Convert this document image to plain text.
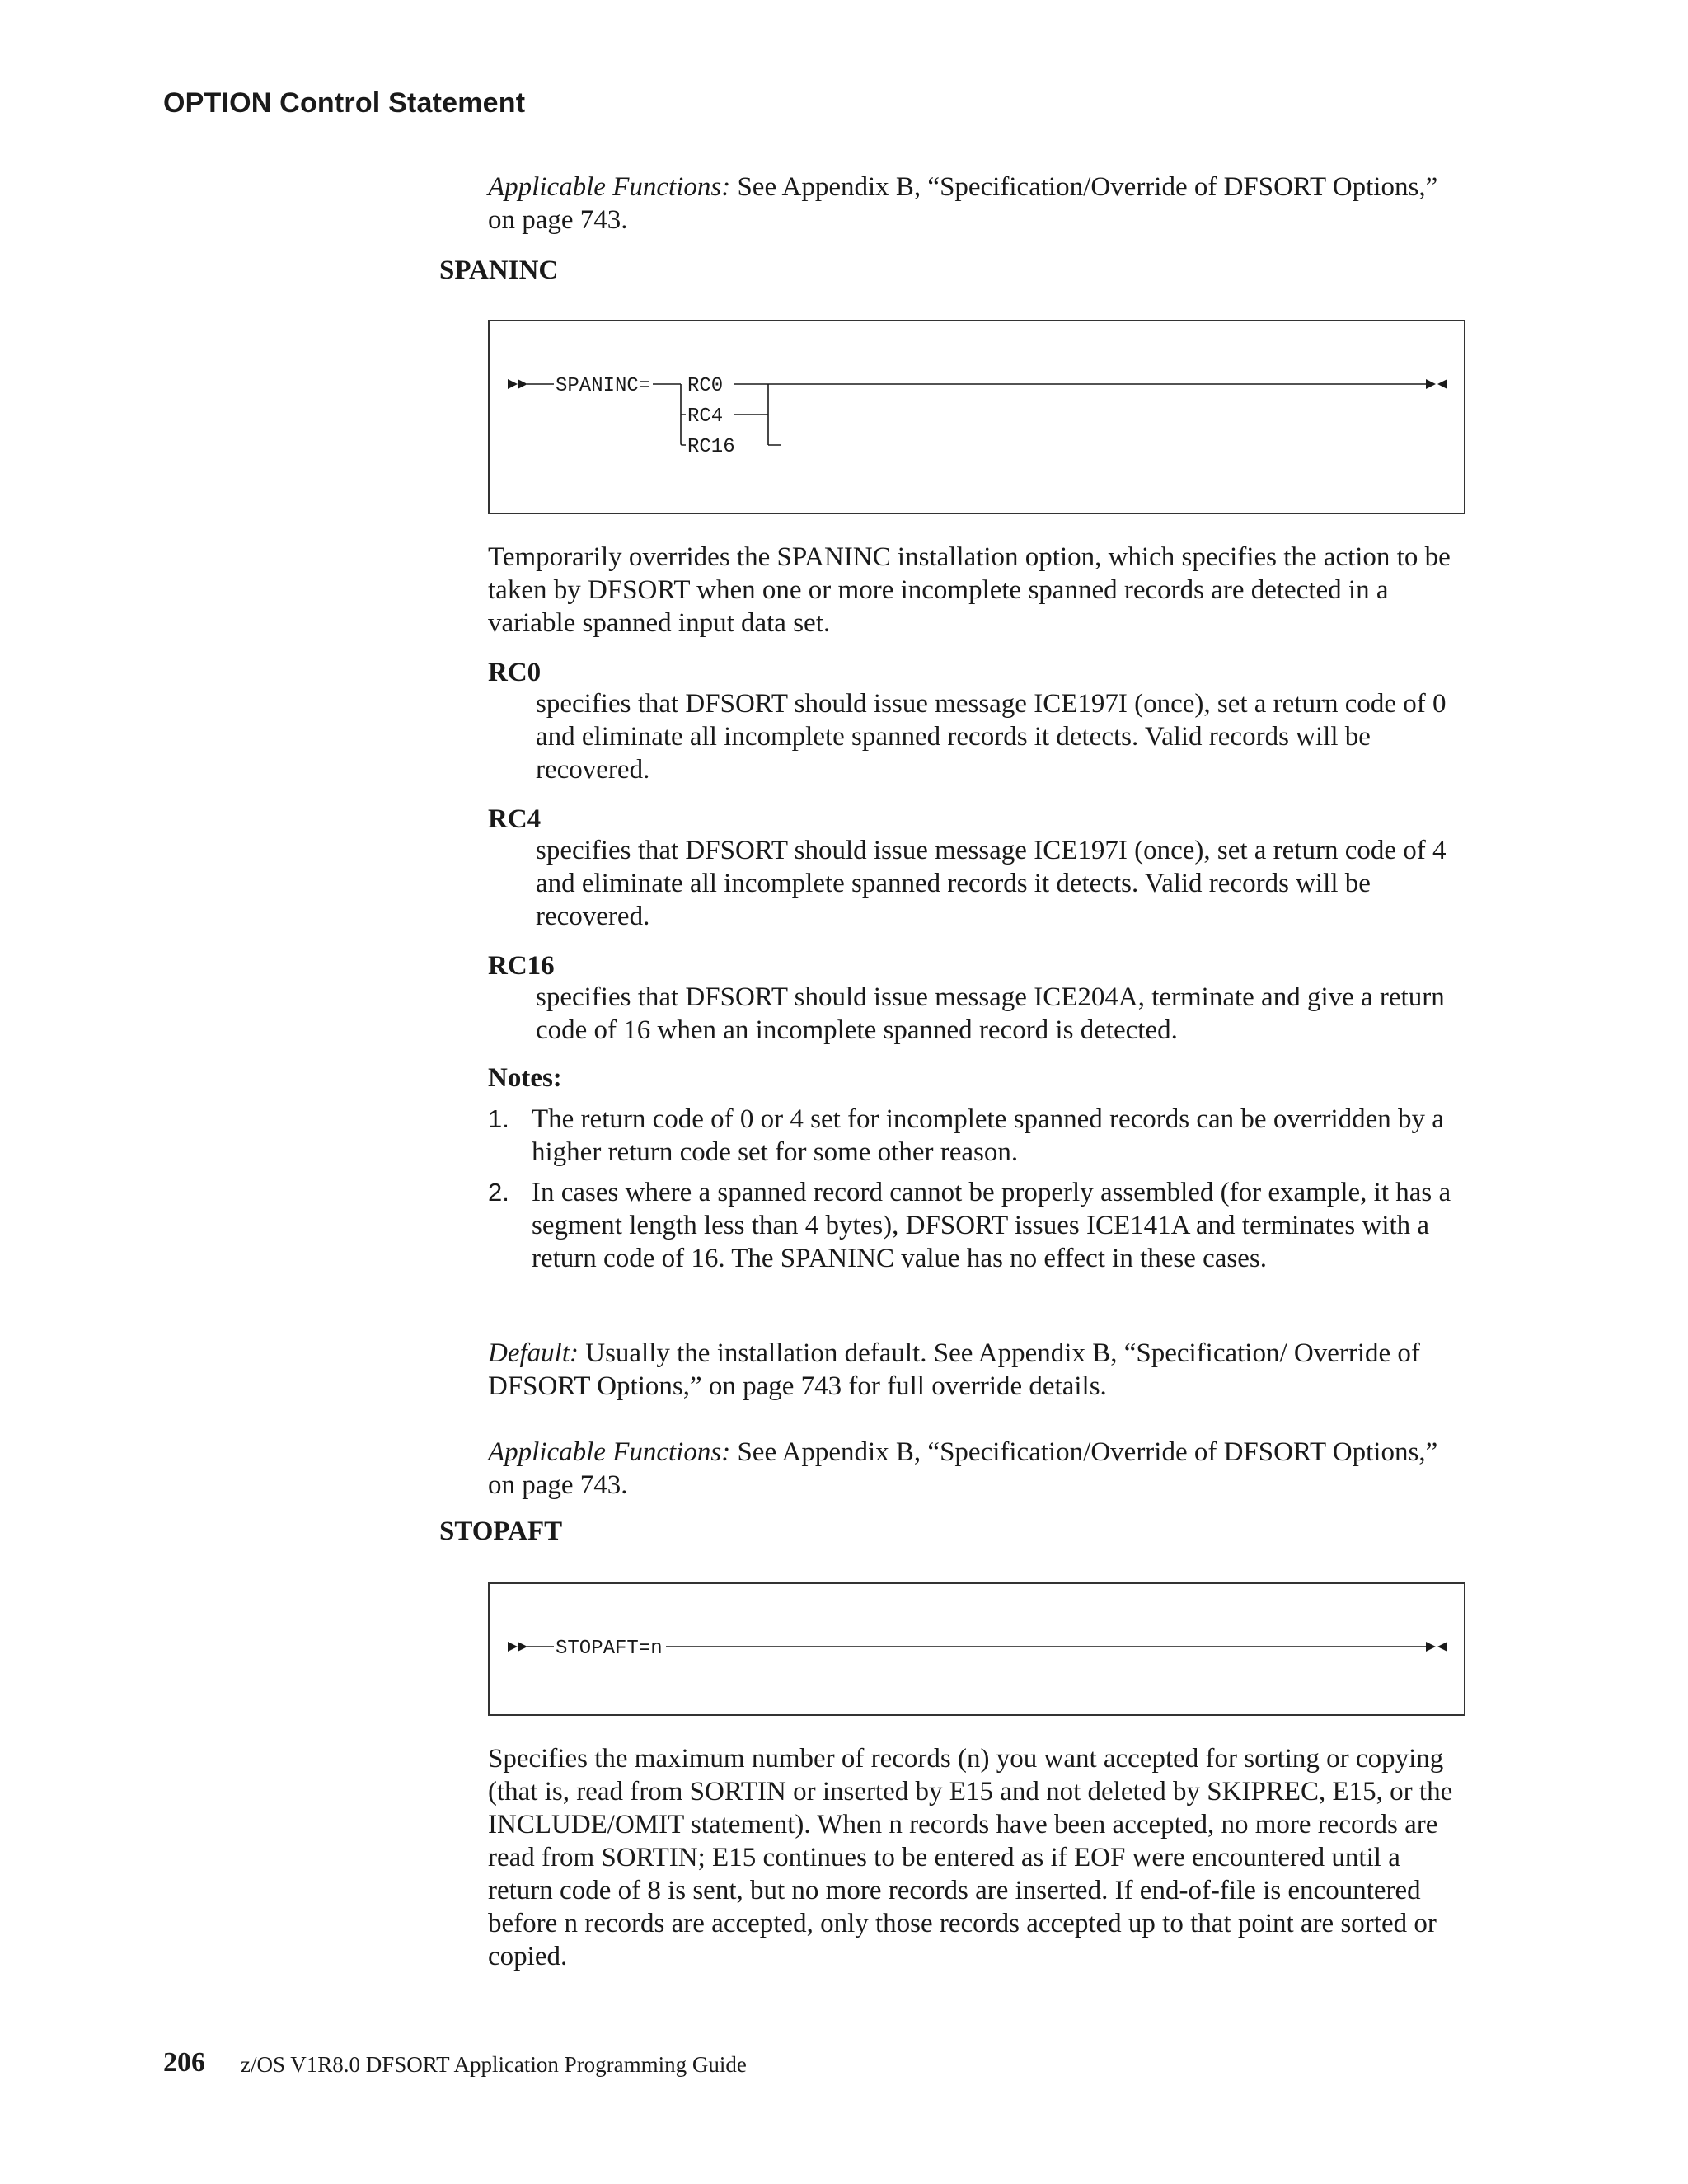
OPTION Control Statement
Applicable Functions: See Appendix B, “Specification/Override of DFSORT Options,” on page 743.
SPANINC
SPANINC= RC0
RC4
RC16
Temporarily overrides the SPANINC installation option, which specifies the action to be taken by DFSORT when one or more incomplete spanned records are detected in a variable spanned input data set.
RC0
specifies that DFSORT should issue message ICE197I (once), set a return code of 0 and eliminate all incomplete spanned records it detects. Valid records will be recovered.
RC4
specifies that DFSORT should issue message ICE197I (once), set a return code of 4 and eliminate all incomplete spanned records it detects. Valid records will be recovered.
RC16
specifies that DFSORT should issue message ICE204A, terminate and give a return code of 16 when an incomplete spanned record is detected.
Notes:
1. The return code of 0 or 4 set for incomplete spanned records can be overridden by a higher return code set for some other reason.
2. In cases where a spanned record cannot be properly assembled (for example, it has a segment length less than 4 bytes), DFSORT issues ICE141A and terminates with a return code of 16. The SPANINC value has no effect in these cases.
Default: Usually the installation default. See Appendix B, “Specification/ Override of DFSORT Options,” on page 743 for full override details.
Applicable Functions: See Appendix B, “Specification/Override of DFSORT Options,” on page 743.
STOPAFT
STOPAFT=n
Specifies the maximum number of records (n) you want accepted for sorting or copying (that is, read from SORTIN or inserted by E15 and not deleted by SKIPREC, E15, or the INCLUDE/OMIT statement). When n records have been accepted, no more records are read from SORTIN; E15 continues to be entered as if EOF were encountered until a return code of 8 is sent, but no more records are inserted. If end-of-file is encountered before n records are accepted, only those records accepted up to that point are sorted or copied.
206 z/OS V1R8.0 DFSORT Application Programming Guide
